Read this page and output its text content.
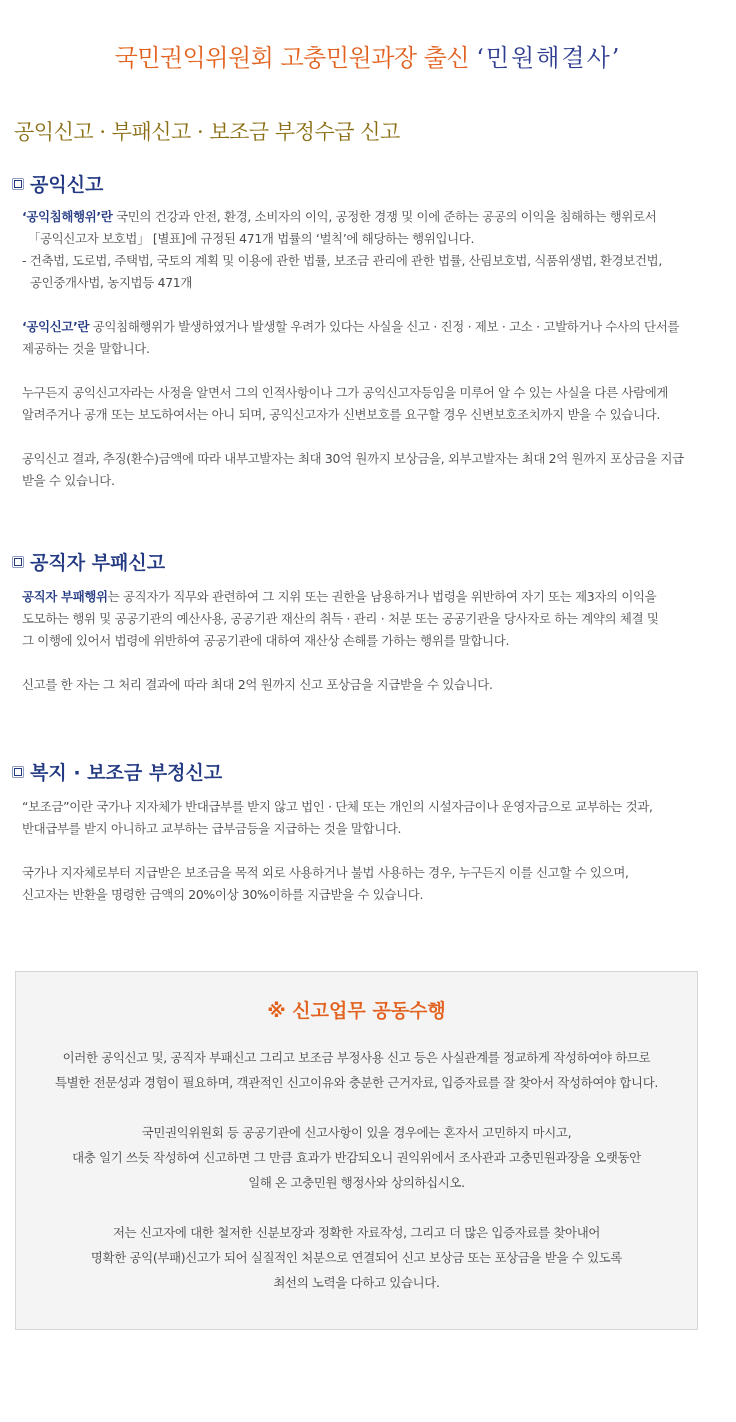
국민권익위원회 고충민원과장 출신 ‘민원해결사’
공익신고 · 부패신고 · 보조금 부정수급 신고
공익신고

‘공익침해행위’란 국민의 건강과 안전, 환경, 소비자의 이익, 공정한 경쟁 및 이에 준하는 공공의 이익을 침해하는 행위로서

「공익신고자 보호법」 [별표]에 규정된 471개 법률의 ‘벌칙’에 해당하는 행위입니다.

- 건축법, 도로법, 주택법, 국토의 계획 및 이용에 관한 법률, 보조금 관리에 관한 법률, 산림보호법, 식품위생법, 환경보건법,

공인중개사법, 농지법등 471개

‘공익신고’란 공익침해행위가 발생하였거나 발생할 우려가 있다는 사실을 신고 · 진정 · 제보 · 고소 · 고발하거나 수사의 단서를

제공하는 것을 말합니다.

누구든지 공익신고자라는 사정을 알면서 그의 인적사항이나 그가 공익신고자등임을 미루어 알 수 있는 사실을 다른 사람에게

알려주거나 공개 또는 보도하여서는 아니 되며, 공익신고자가 신변보호를 요구할 경우 신변보호조치까지 받을 수 있습니다.

공익신고 결과, 추징(환수)금액에 따라 내부고발자는 최대 30억 원까지 보상금을, 외부고발자는 최대 2억 원까지 포상금을 지급

받을 수 있습니다.

공직자 부패신고

공직자 부패행위는 공직자가 직무와 관련하여 그 지위 또는 권한을 남용하거나 법령을 위반하여 자기 또는 제3자의 이익을

도모하는 행위 및 공공기관의 예산사용, 공공기관 재산의 취득 · 관리 · 처분 또는 공공기관을 당사자로 하는 계약의 체결 및

그 이행에 있어서 법령에 위반하여 공공기관에 대하여 재산상 손해를 가하는 행위를 말합니다.

신고를 한 자는 그 처리 결과에 따라 최대 2억 원까지 신고 포상금을 지급받을 수 있습니다.

복지 · 보조금 부정신고

“보조금”이란 국가나 지자체가 반대급부를 받지 않고 법인 · 단체 또는 개인의 시설자금이나 운영자금으로 교부하는 것과,

반대급부를 받지 아니하고 교부하는 급부금등을 지급하는 것을 말합니다.

국가나 지자체로부터 지급받은 보조금을 목적 외로 사용하거나 불법 사용하는 경우, 누구든지 이를 신고할 수 있으며,

신고자는 반환을 명령한 금액의 20%이상 30%이하를 지급받을 수 있습니다.

※ 신고업무 공동수행

이러한 공익신고 및, 공직자 부패신고 그리고 보조금 부정사용 신고 등은 사실관계를 정교하게 작성하여야 하므로

특별한 전문성과 경험이 필요하며, 객관적인 신고이유와 충분한 근거자료, 입증자료를 잘 찾아서 작성하여야 합니다.

국민권익위원회 등 공공기관에 신고사항이 있을 경우에는 혼자서 고민하지 마시고,

대충 일기 쓰듯 작성하여 신고하면 그 만큼 효과가 반감되오니 권익위에서 조사관과 고충민원과장을 오랫동안

일해 온 고충민원 행정사와 상의하십시오.

저는 신고자에 대한 철저한 신분보장과 정확한 자료작성, 그리고 더 많은 입증자료를 찾아내어

명확한 공익(부패)신고가 되어 실질적인 처분으로 연결되어 신고 보상금 또는 포상금을 받을 수 있도록

최선의 노력을 다하고 있습니다.
